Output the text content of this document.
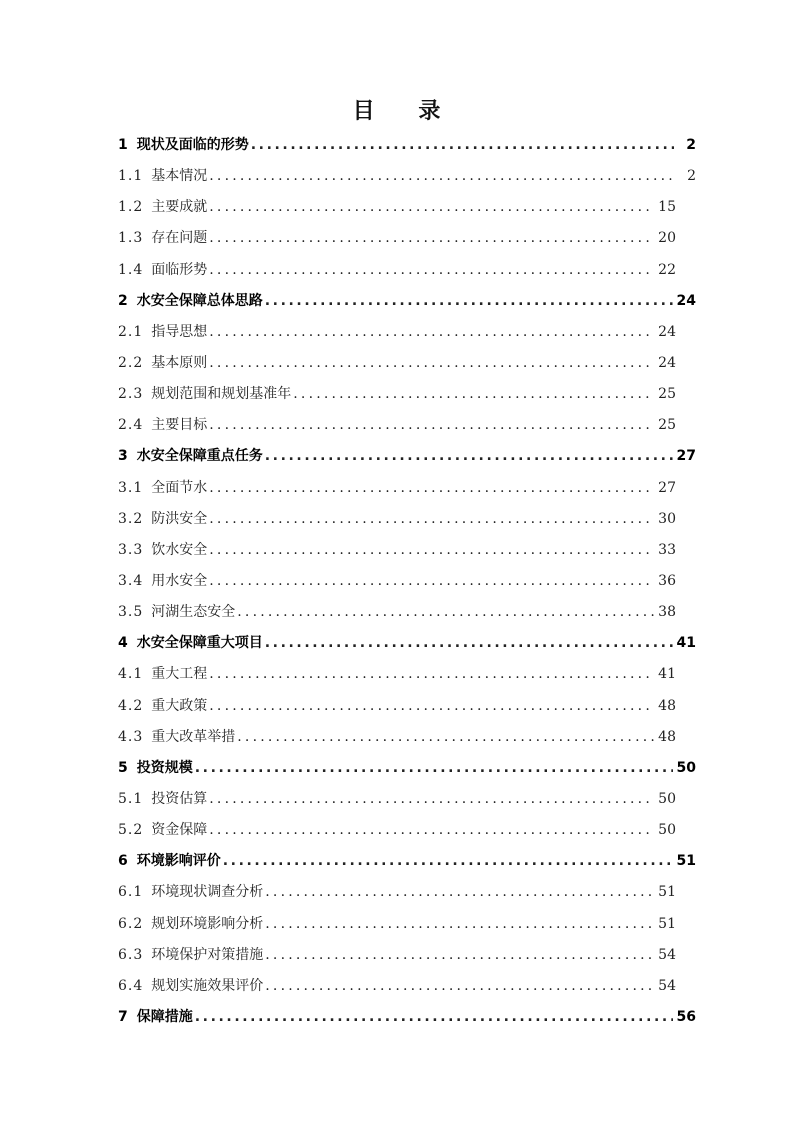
目 录
1 现状及面临的形势 .....	2
1.1 基本情况 .....	2
1.2 主要成就 .....	15
1.3 存在问题 .....	20
1.4 面临形势 .....	22
2 水安全保障总体思路 .....	24
2.1 指导思想 .....	24
2.2 基本原则 .....	24
2.3 规划范围和规划基准年 .....	25
2.4 主要目标 .....	25
3 水安全保障重点任务 .....	27
3.1 全面节水 .....	27
3.2 防洪安全 .....	30
3.3 饮水安全 .....	33
3.4 用水安全 .....	36
3.5 河湖生态安全 .....	38
4 水安全保障重大项目 .....	41
4.1 重大工程 .....	41
4.2 重大政策 .....	48
4.3 重大改革举措 .....	48
5 投资规模 .....	50
5.1 投资估算 .....	50
5.2 资金保障 .....	50
6 环境影响评价 .....	51
6.1 环境现状调查分析 .....	51
6.2 规划环境影响分析 .....	51
6.3 环境保护对策措施 .....	54
6.4 规划实施效果评价 .....	54
7 保障措施 .....	56
